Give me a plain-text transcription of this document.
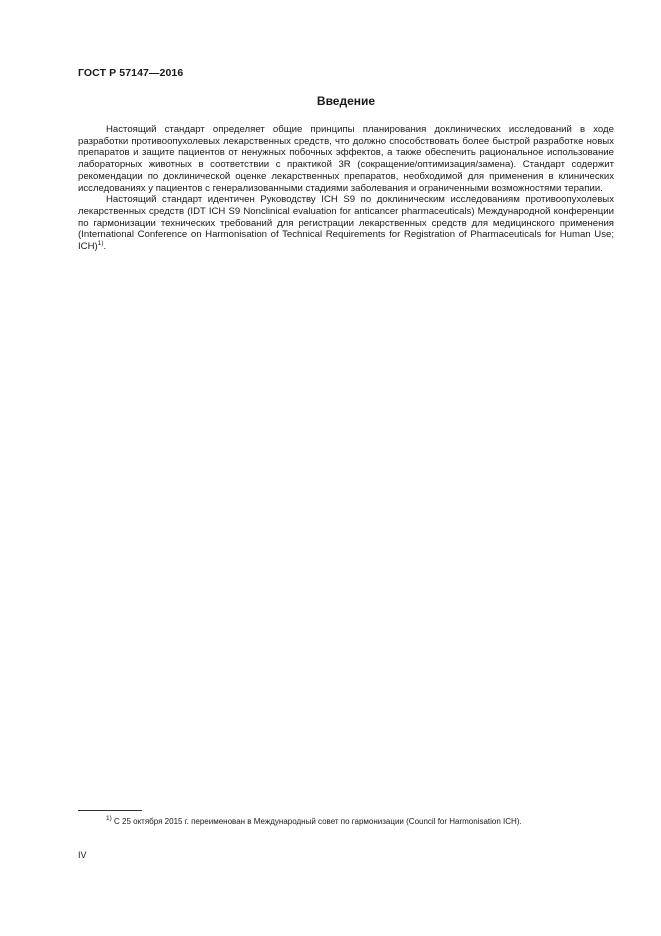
ГОСТ Р 57147—2016
Введение

Настоящий стандарт определяет общие принципы планирования доклинических исследований в ходе разработки противоопухолевых лекарственных средств, что должно способствовать более быстрой разработке новых препаратов и защите пациентов от ненужных побочных эффектов, а также обеспечить рациональное использование лабораторных животных в соответствии с практикой 3R (сокращение/оптимизация/замена). Стандарт содержит рекомендации по доклинической оценке лекарственных препаратов, необходимой для применения в клинических исследованиях у пациентов с генерализованными стадиями заболевания и ограниченными возможностями терапии.

Настоящий стандарт идентичен Руководству ICH S9 по доклиническим исследованиям противоопухолевых лекарственных средств (IDT ICH S9 Nonclinical evaluation for anticancer pharmaceuticals) Международной конференции по гармонизации технических требований для регистрации лекарственных средств для медицинского применения (International Conference on Harmonisation of Technical Requirements for Registration of Pharmaceuticals for Human Use; ICH)$^{1)}$.

$^{1)}$ С 25 октября 2015 г. переименован в Международный совет по гармонизации (Council for Harmonisation ICH).
IV
